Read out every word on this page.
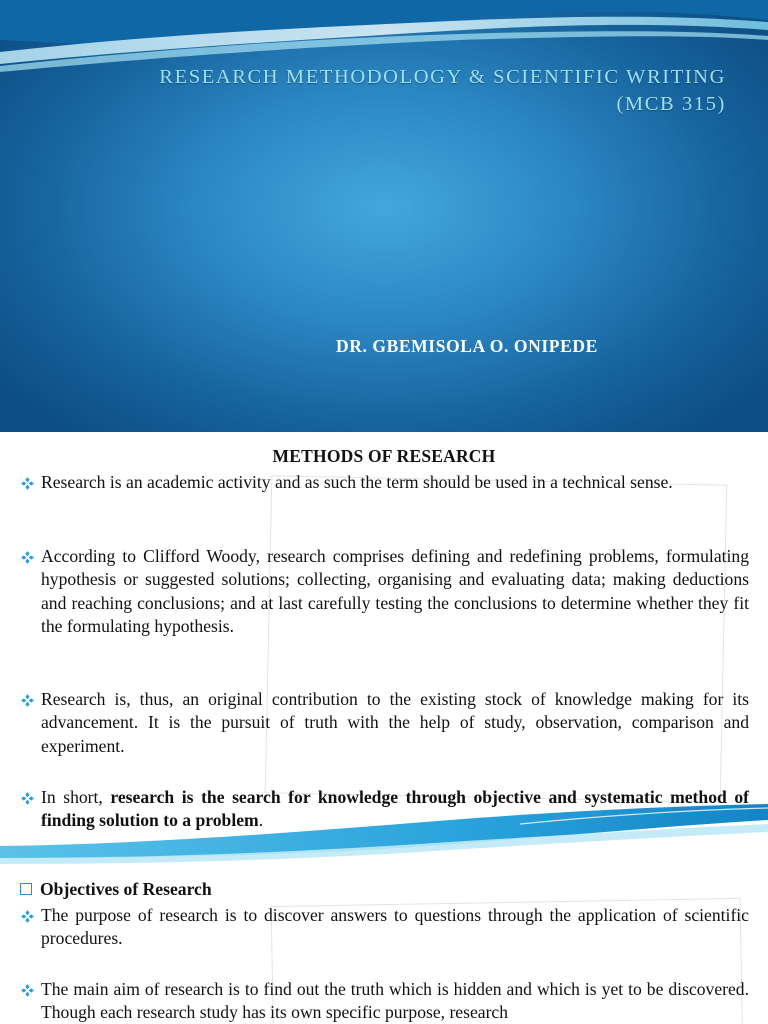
RESEARCH METHODOLOGY & SCIENTIFIC WRITING
(MCB 315)
DR. GBEMISOLA O. ONIPEDE
METHODS OF RESEARCH
Research is an academic activity and as such the term should be used in a technical sense.
According to Clifford Woody, research comprises defining and redefining problems, formulating hypothesis or suggested solutions; collecting, organising and evaluating data; making deductions and reaching conclusions; and at last carefully testing the conclusions to determine whether they fit the formulating hypothesis.
Research is, thus, an original contribution to the existing stock of knowledge making for its advancement. It is the pursuit of truth with the help of study, observation, comparison and experiment.
In short, research is the search for knowledge through objective and systematic method of finding solution to a problem.
Objectives of Research
The purpose of research is to discover answers to questions through the application of scientific procedures.
The main aim of research is to find out the truth which is hidden and which is yet to be discovered. Though each research study has its own specific purpose, research
